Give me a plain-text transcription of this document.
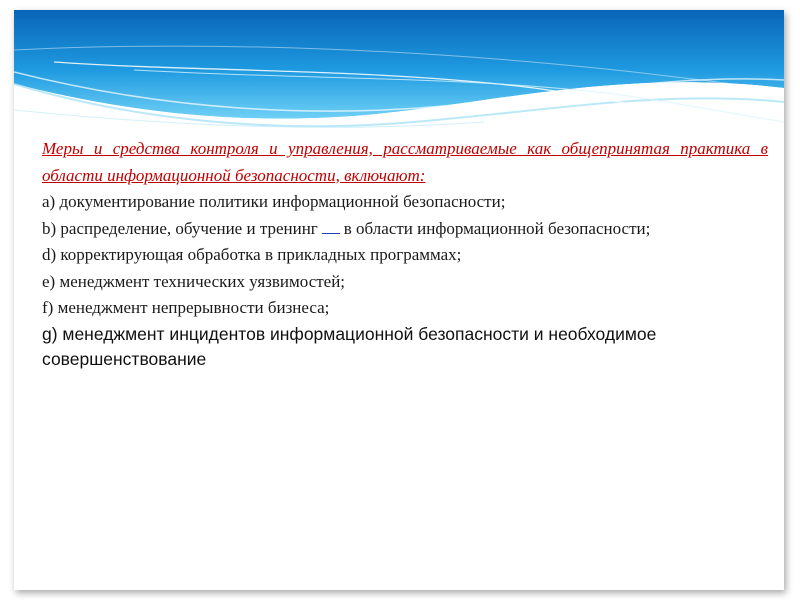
Меры и средства контроля и управления, рассматриваемые как общепринятая практика в области информационной безопасности, включают:

a) документирование политики информационной безопасности;

b) распределение, обучение и тренинг в области информационной безопасности;

d) корректирующая обработка в прикладных программах;

e) менеджмент технических уязвимостей;

f) менеджмент непрерывности бизнеса;

g) менеджмент инцидентов информационной безопасности и необходимое совершенствование
